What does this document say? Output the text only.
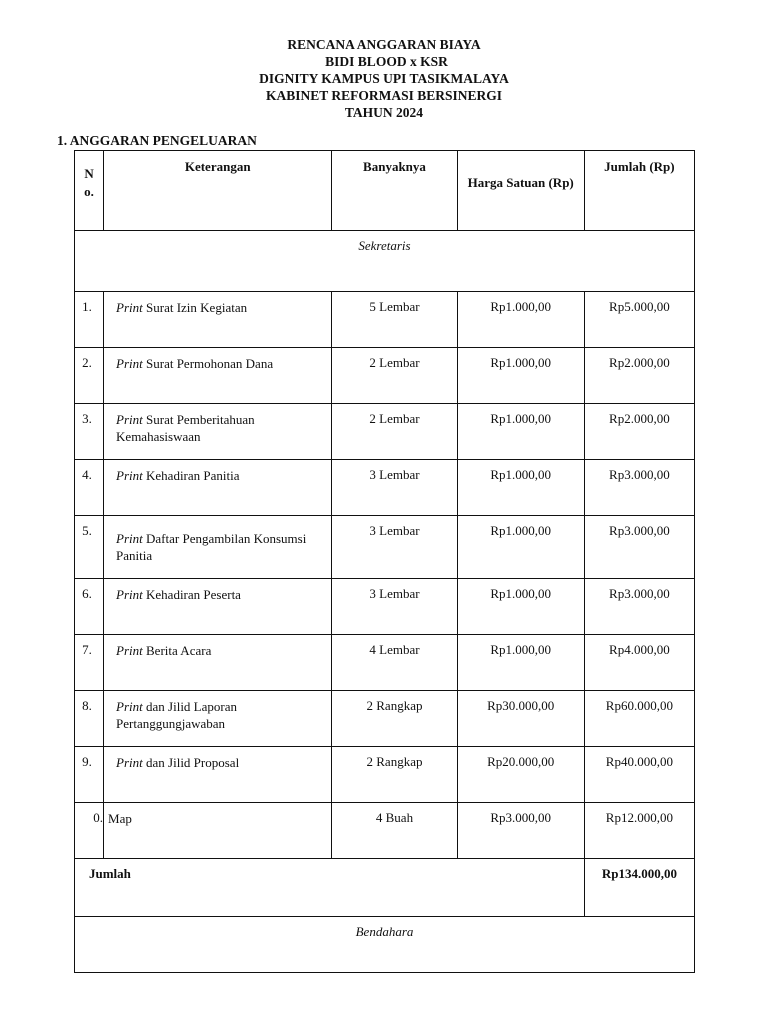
RENCANA ANGGARAN BIAYA
BIDI BLOOD x KSR
DIGNITY KAMPUS UPI TASIKMALAYA
KABINET REFORMASI BERSINERGI
TAHUN 2024
1. ANGGARAN PENGELUARAN
N
o.	Keterangan	Banyaknya	Harga Satuan (Rp)	Jumlah (Rp)
Sekretaris				
1.	Print Surat Izin Kegiatan	5 Lembar	Rp1.000,00	Rp5.000,00
2.	Print Surat Permohonan Dana	2 Lembar	Rp1.000,00	Rp2.000,00
3.	Print Surat Pemberitahuan Kemahasiswaan	2 Lembar	Rp1.000,00	Rp2.000,00
4.	Print Kehadiran Panitia	3 Lembar	Rp1.000,00	Rp3.000,00
5.	Print Daftar Pengambilan Konsumsi Panitia	3 Lembar	Rp1.000,00	Rp3.000,00
6.	Print Kehadiran Peserta	3 Lembar	Rp1.000,00	Rp3.000,00
7.	Print Berita Acara	4 Lembar	Rp1.000,00	Rp4.000,00
8.	Print dan Jilid Laporan Pertanggungjawaban	2 Rangkap	Rp30.000,00	Rp60.000,00
9.	Print dan Jilid Proposal	2 Rangkap	Rp20.000,00	Rp40.000,00
0.	Map	4 Buah	Rp3.000,00	Rp12.000,00
Jumlah				Rp134.000,00
Bendahara				
